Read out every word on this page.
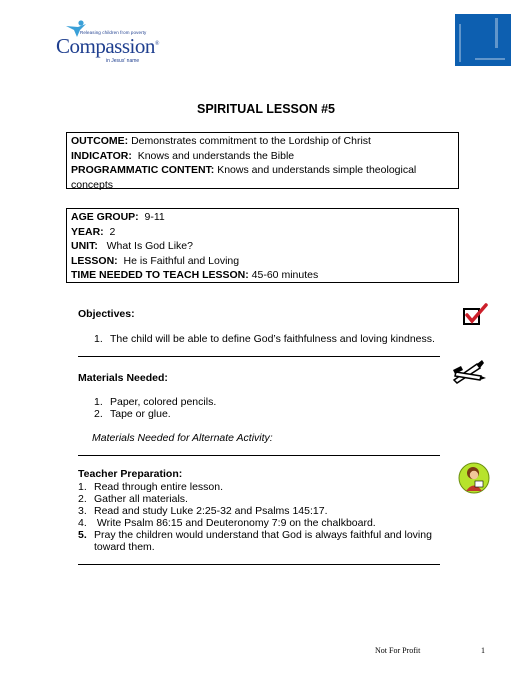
Releasing children from poverty
Compassion®
in Jesus' name
SPIRITUAL LESSON #5
OUTCOME: Demonstrates commitment to the Lordship of Christ
INDICATOR: Knows and understands the Bible
PROGRAMMATIC CONTENT: Knows and understands simple theological
concepts
AGE GROUP: 9-11
YEAR: 2
UNIT: What Is God Like?
LESSON: He is Faithful and Loving
TIME NEEDED TO TEACH LESSON: 45-60 minutes
Objectives:
1. The child will be able to define God’s faithfulness and loving kindness.
Materials Needed:
1. Paper, colored pencils.
2. Tape or glue.
Materials Needed for Alternate Activity:
Teacher Preparation:
1. Read through entire lesson.
2. Gather all materials.
3. Read and study Luke 2:25-32 and Psalms 145:17.
4. Write Psalm 86:15 and Deuteronomy 7:9 on the chalkboard.
5. Pray the children would understand that God is always faithful and loving
toward them.
Not For Profit	1
